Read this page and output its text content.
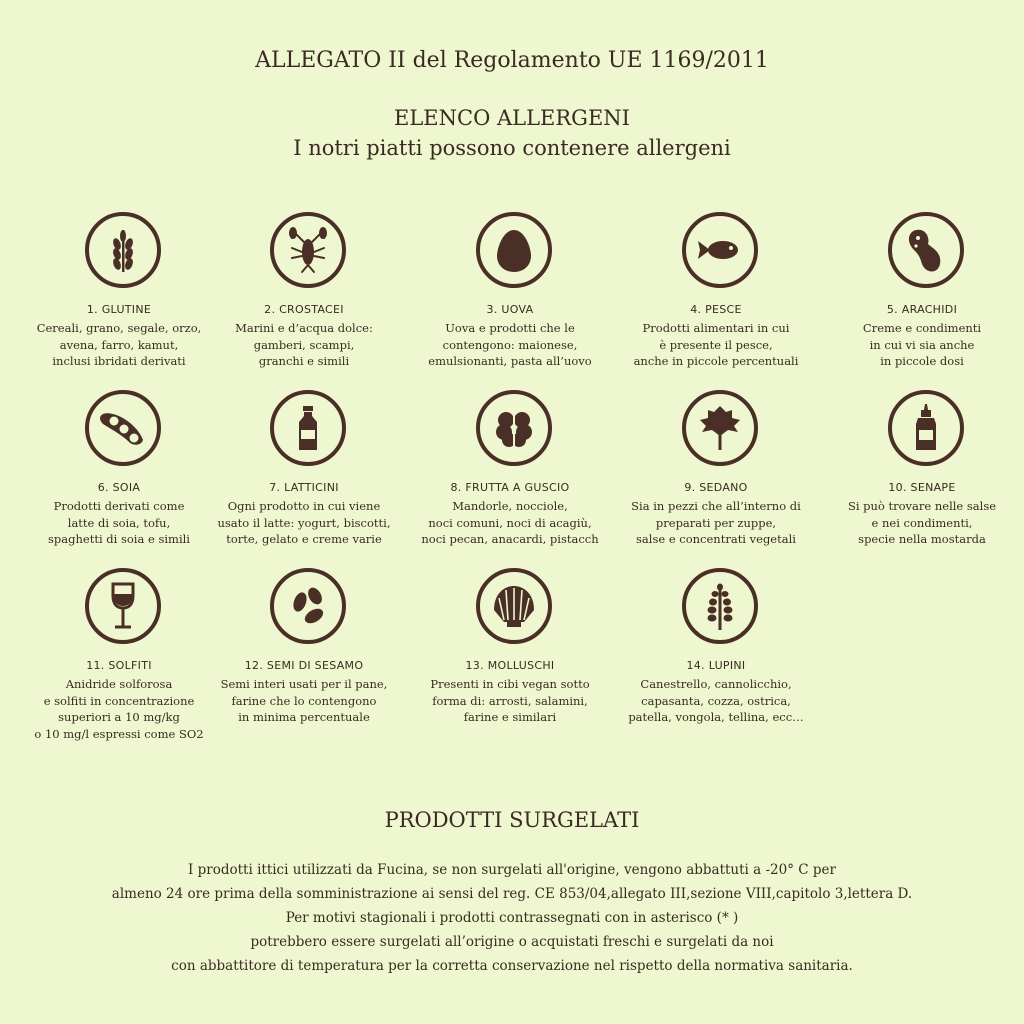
ALLEGATO II del Regolamento UE 1169/2011
ELENCO ALLERGENI
I notri piatti possono contenere allergeni
1. GLUTINE
Cereali, grano, segale, orzo,
avena, farro, kamut,
inclusi ibridati derivati
2. CROSTACEI
Marini e d’acqua dolce:
gamberi, scampi,
granchi e simili
3. UOVA
Uova e prodotti che le
contengono: maionese,
emulsionanti, pasta all’uovo
4. PESCE
Prodotti alimentari in cui
è presente il pesce,
anche in piccole percentuali
5. ARACHIDI
Creme e condimenti
in cui vi sia anche
in piccole dosi
6. SOIA
Prodotti derivati come
latte di soia, tofu,
spaghetti di soia e simili
7. LATTICINI
Ogni prodotto in cui viene
usato il latte: yogurt, biscotti,
torte, gelato e creme varie
8. FRUTTA A GUSCIO
Mandorle, nocciole,
noci comuni, noci di acagiù,
noci pecan, anacardi, pistacch
9. SEDANO
Sia in pezzi che all’interno di
preparati per zuppe,
salse e concentrati vegetali
10. SENAPE
Si può trovare nelle salse
e nei condimenti,
specie nella mostarda
11. SOLFITI
Anidride solforosa
e solfiti in concentrazione
superiori a 10 mg/kg
o 10 mg/l espressi come SO2
12. SEMI DI SESAMO
Semi interi usati per il pane,
farine che lo contengono
in minima percentuale
13. MOLLUSCHI
Presenti in cibi vegan sotto
forma di: arrosti, salamini,
farine e similari
14. LUPINI
Canestrello, cannolicchio,
capasanta, cozza, ostrica,
patella, vongola, tellina, ecc…
PRODOTTI SURGELATI
I prodotti ittici utilizzati da Fucina, se non surgelati all'origine, vengono abbattuti a -20° C per
almeno 24 ore prima della somministrazione ai sensi del reg. CE 853/04,allegato III,sezione VIII,capitolo 3,lettera D.
Per motivi stagionali i prodotti contrassegnati con in asterisco (* )
potrebbero essere surgelati all’origine o acquistati freschi e surgelati da noi
con abbattitore di temperatura per la corretta conservazione nel rispetto della normativa sanitaria.
